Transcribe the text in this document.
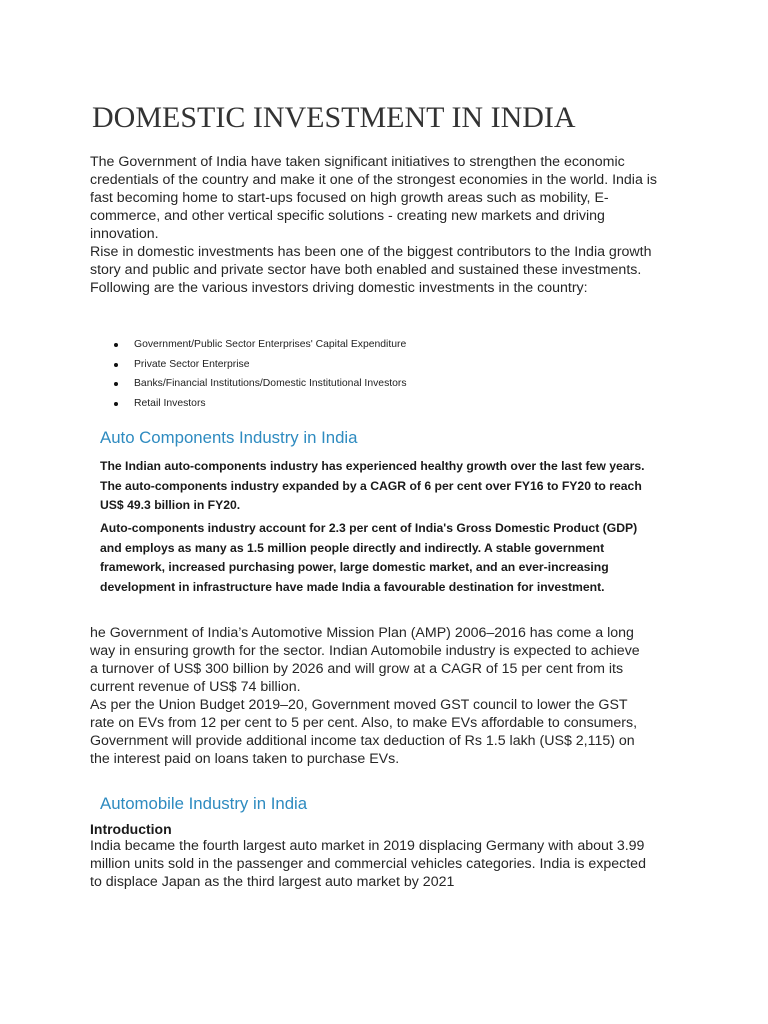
DOMESTIC INVESTMENT IN INDIA
The Government of India have taken significant initiatives to strengthen the economic credentials of the country and make it one of the strongest economies in the world. India is fast becoming home to start-ups focused on high growth areas such as mobility, E-commerce, and other vertical specific solutions - creating new markets and driving innovation.
Rise in domestic investments has been one of the biggest contributors to the India growth story and public and private sector have both enabled and sustained these investments. Following are the various investors driving domestic investments in the country:
Government/Public Sector Enterprises' Capital Expenditure
Private Sector Enterprise
Banks/Financial Institutions/Domestic Institutional Investors
Retail Investors
Auto Components Industry in India

The Indian auto-components industry has experienced healthy growth over the last few years. The auto-components industry expanded by a CAGR of 6 per cent over FY16 to FY20 to reach US$ 49.3 billion in FY20.

Auto-components industry account for 2.3 per cent of India's Gross Domestic Product (GDP) and employs as many as 1.5 million people directly and indirectly. A stable government framework, increased purchasing power, large domestic market, and an ever-increasing development in infrastructure have made India a favourable destination for investment.

he Government of India’s Automotive Mission Plan (AMP) 2006–2016 has come a long way in ensuring growth for the sector. Indian Automobile industry is expected to achieve a turnover of US$ 300 billion by 2026 and will grow at a CAGR of 15 per cent from its current revenue of US$ 74 billion.
As per the Union Budget 2019–20, Government moved GST council to lower the GST rate on EVs from 12 per cent to 5 per cent. Also, to make EVs affordable to consumers, Government will provide additional income tax deduction of Rs 1.5 lakh (US$ 2,115) on the interest paid on loans taken to purchase EVs.
Automobile Industry in India

Introduction

India became the fourth largest auto market in 2019 displacing Germany with about 3.99 million units sold in the passenger and commercial vehicles categories. India is expected to displace Japan as the third largest auto market by 2021
